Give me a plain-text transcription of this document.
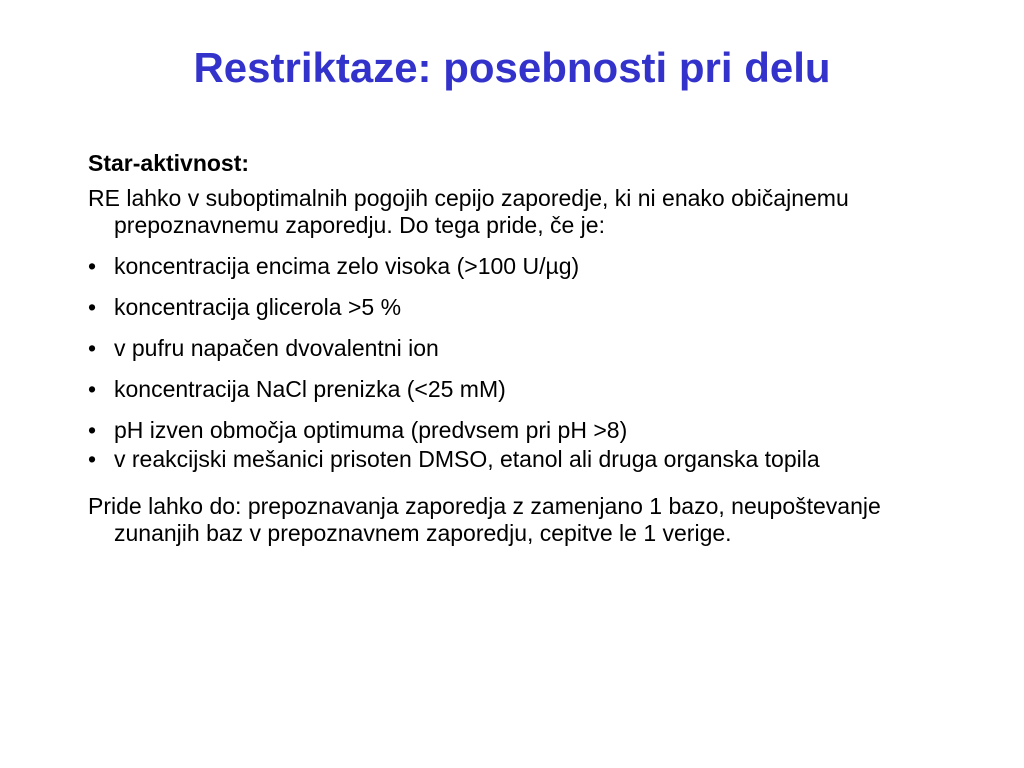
Restriktaze: posebnosti pri delu
Star-aktivnost:
RE lahko v suboptimalnih pogojih cepijo zaporedje, ki ni enako običajnemu prepoznavnemu zaporedju. Do tega pride, če je:
• koncentracija encima zelo visoka (>100 U/µg)
• koncentracija glicerola >5 %
• v pufru napačen dvovalentni ion
• koncentracija NaCl prenizka (<25 mM)
• pH izven območja optimuma (predvsem pri pH >8)
• v reakcijski mešanici prisoten DMSO, etanol ali druga organska topila
Pride lahko do: prepoznavanja zaporedja z zamenjano 1 bazo, neupoštevanje zunanjih baz v prepoznavnem zaporedju, cepitve le 1 verige.
